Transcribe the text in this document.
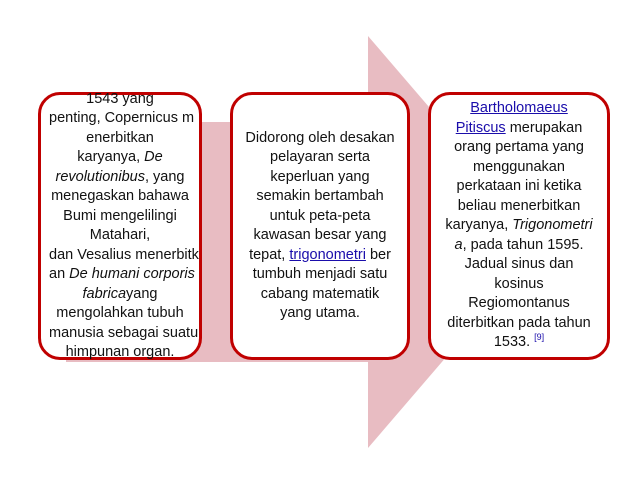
1543 yang
penting, Copernicus m
enerbitkan
karyanya, De
revolutionibus, yang
menegaskan bahawa
Bumi mengelilingi
Matahari,
dan Vesalius menerbitk
an De humani corporis
fabricayang
mengolahkan tubuh
manusia sebagai suatu
himpunan organ.
Didorong oleh desakan
pelayaran serta
keperluan yang
semakin bertambah
untuk peta-peta
kawasan besar yang
tepat, trigonometri ber
tumbuh menjadi satu
cabang matematik
yang utama.
Bartholomaeus
Pitiscus merupakan
orang pertama yang
menggunakan
perkataan ini ketika
beliau menerbitkan
karyanya, Trigonometri
a, pada tahun 1595.
Jadual sinus dan
kosinus
Regiomontanus
diterbitkan pada tahun
1533. [9]
